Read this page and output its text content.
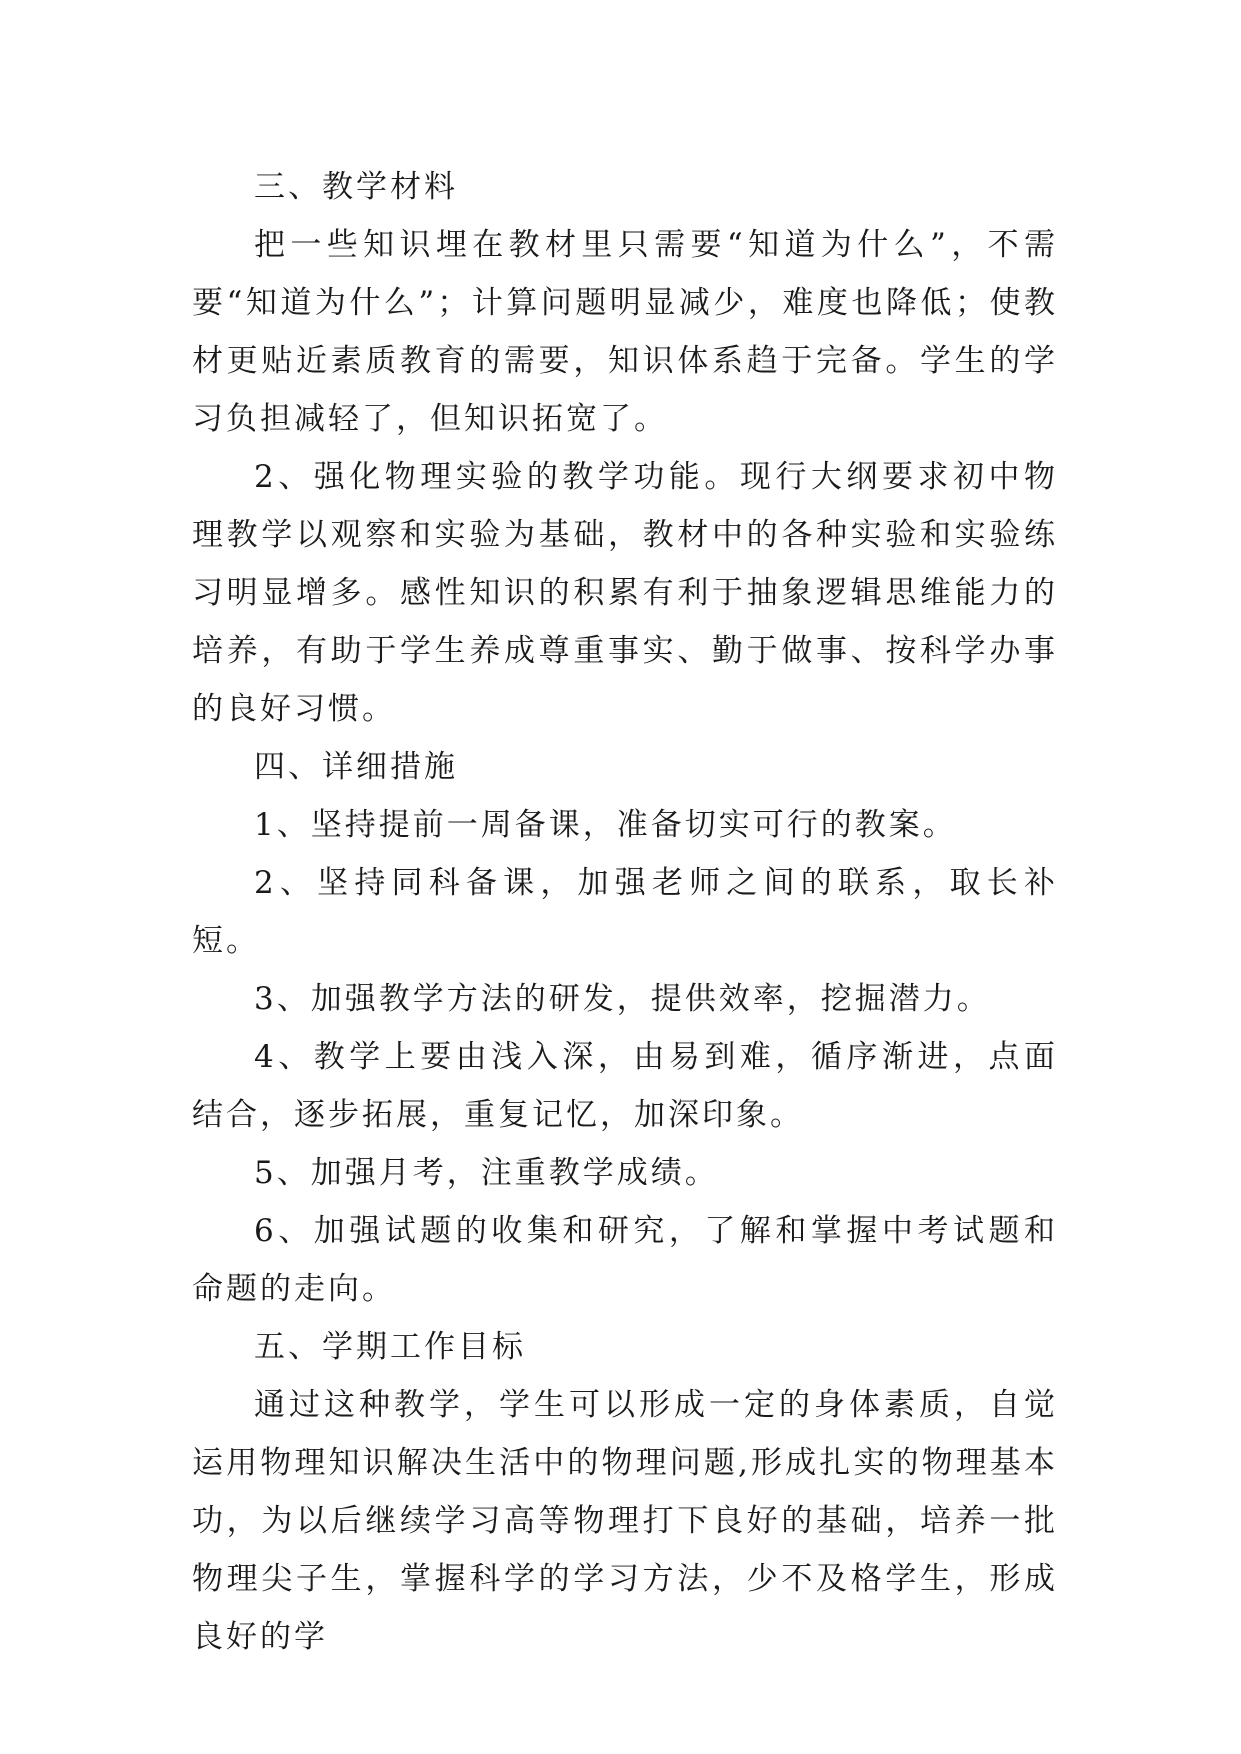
三、教学材料

把一些知识埋在教材里只需要“知道为什么”，不需要“知道为什么”；计算问题明显减少，难度也降低；使教材更贴近素质教育的需要，知识体系趋于完备。学生的学习负担减轻了，但知识拓宽了。

2、强化物理实验的教学功能。现行大纲要求初中物理教学以观察和实验为基础，教材中的各种实验和实验练习明显增多。感性知识的积累有利于抽象逻辑思维能力的培养，有助于学生养成尊重事实、勤于做事、按科学办事的良好习惯。

四、详细措施

1、坚持提前一周备课，准备切实可行的教案。

2、坚持同科备课，加强老师之间的联系，取长补短。

3、加强教学方法的研发，提供效率，挖掘潜力。

4、教学上要由浅入深，由易到难，循序渐进，点面结合，逐步拓展，重复记忆，加深印象。

5、加强月考，注重教学成绩。

6、加强试题的收集和研究，了解和掌握中考试题和命题的走向。

五、学期工作目标

通过这种教学，学生可以形成一定的身体素质，自觉运用物理知识解决生活中的物理问题,形成扎实的物理基本功，为以后继续学习高等物理打下良好的基础，培养一批物理尖子生，掌握科学的学习方法，少不及格学生，形成良好的学
